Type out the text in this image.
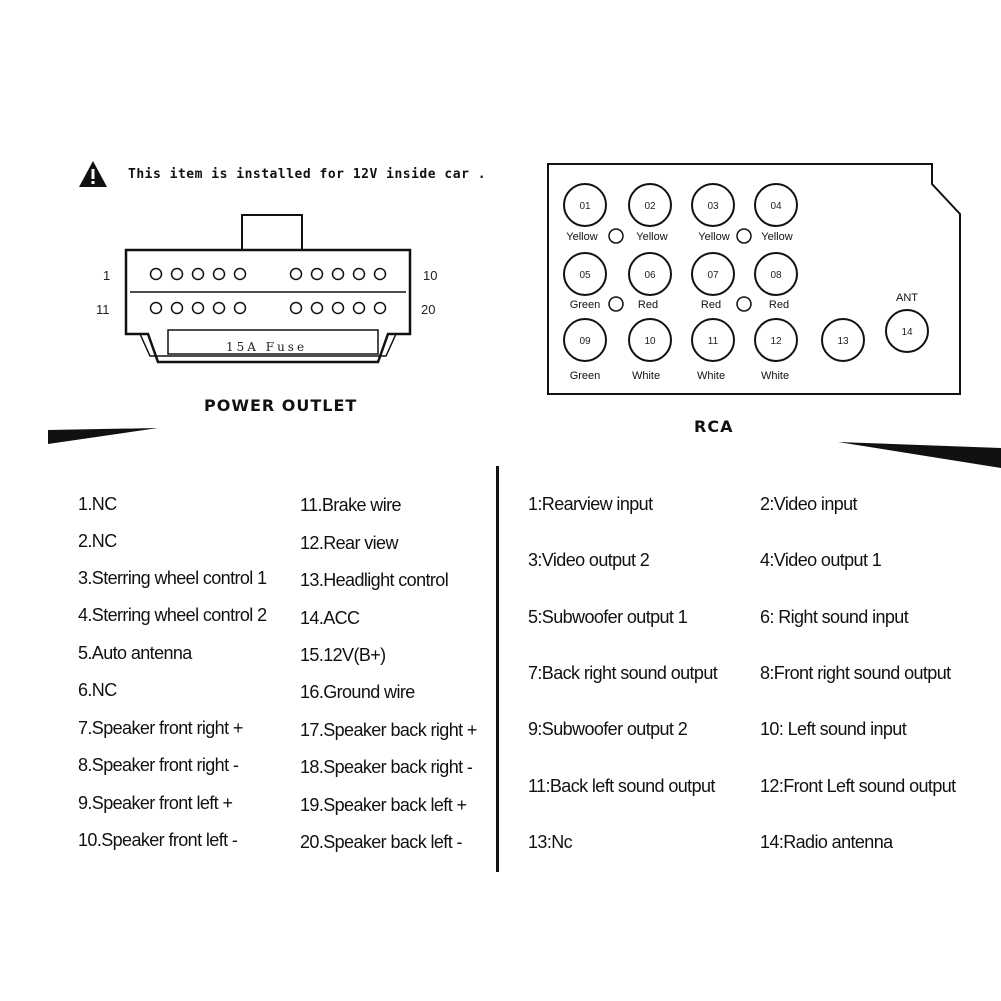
This item is installed for 12V inside car .
1	10
11	20
15A Fuse
POWER OUTLET
01
Yellow
02
Yellow
03
Yellow
04
Yellow
05
Green
06
Red
07
Red
08
Red
09
Green
10
White
11
White
12
White
13
14
ANT
RCA
1.NC
2.NC
3.Sterring wheel control 1
4.Sterring wheel control 2
5.Auto antenna
6.NC
7.Speaker front right +
8.Speaker front right -
9.Speaker front left +
10.Speaker front left -
11.Brake wire
12.Rear view
13.Headlight control
14.ACC
15.12V(B+)
16.Ground wire
17.Speaker back right +
18.Speaker back right -
19.Speaker back left +
20.Speaker back left -
1:Rearview input
3:Video output 2
5:Subwoofer output 1
7:Back right sound output
9:Subwoofer output 2
11:Back left sound output
13:Nc
2:Video input
4:Video output 1
6: Right sound input
8:Front right sound output
10: Left sound input
12:Front Left sound output
14:Radio antenna
